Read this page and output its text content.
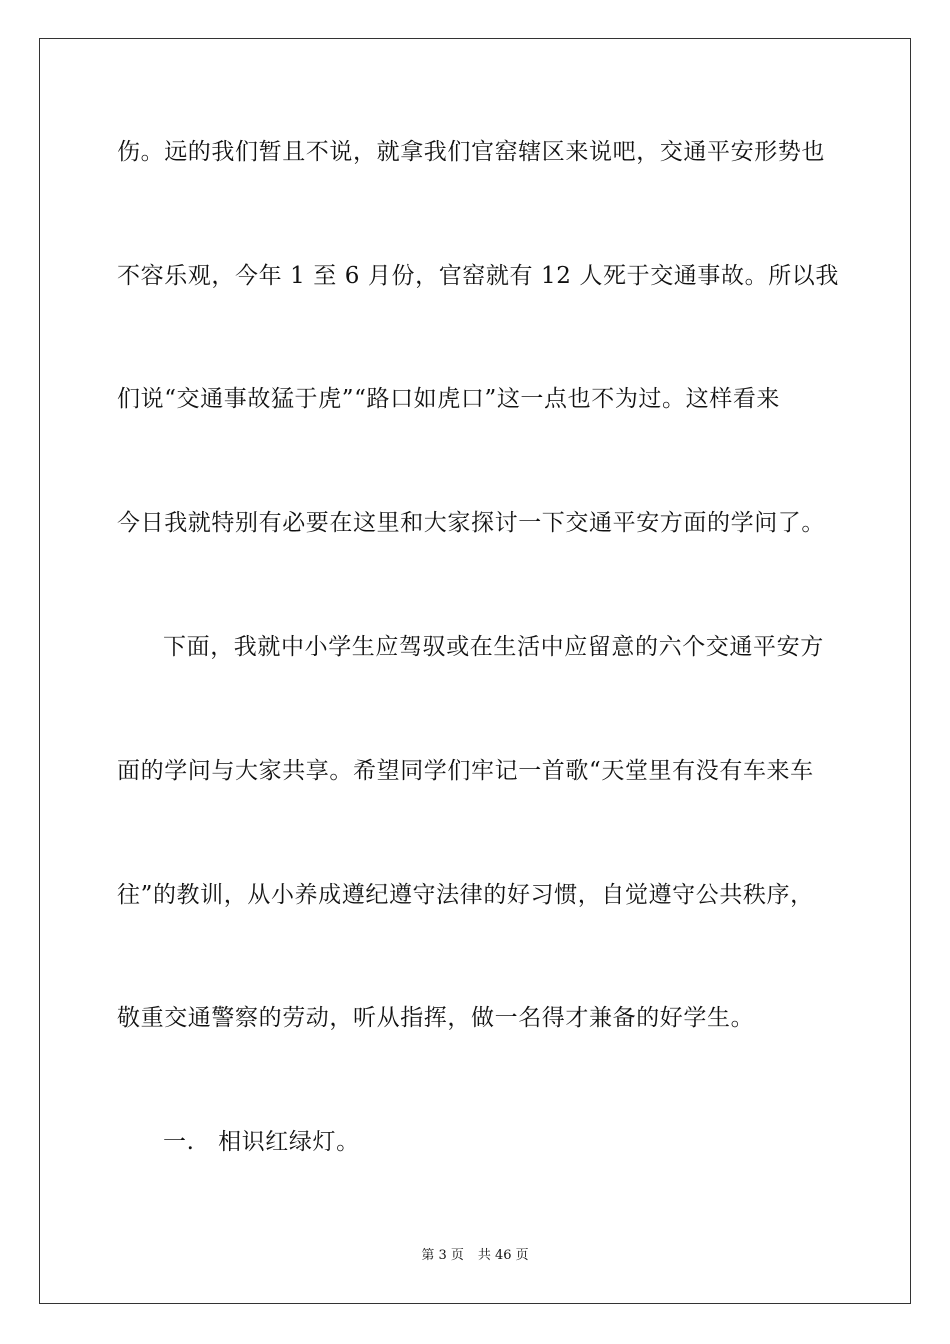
伤。远的我们暂且不说，就拿我们官窑辖区来说吧，交通平安形势也
不容乐观，今年 1 至 6 月份，官窑就有 12 人死于交通事故。所以我
们说“交通事故猛于虎”“路口如虎口”这一点也不为过。这样看来
今日我就特别有必要在这里和大家探讨一下交通平安方面的学问了。
下面，我就中小学生应驾驭或在生活中应留意的六个交通平安方
面的学问与大家共享。希望同学们牢记一首歌“天堂里有没有车来车
往”的教训，从小养成遵纪遵守法律的好习惯，自觉遵守公共秩序，
敬重交通警察的劳动，听从指挥，做一名得才兼备的好学生。
一.　相识红绿灯。
第 3 页 共 46 页
